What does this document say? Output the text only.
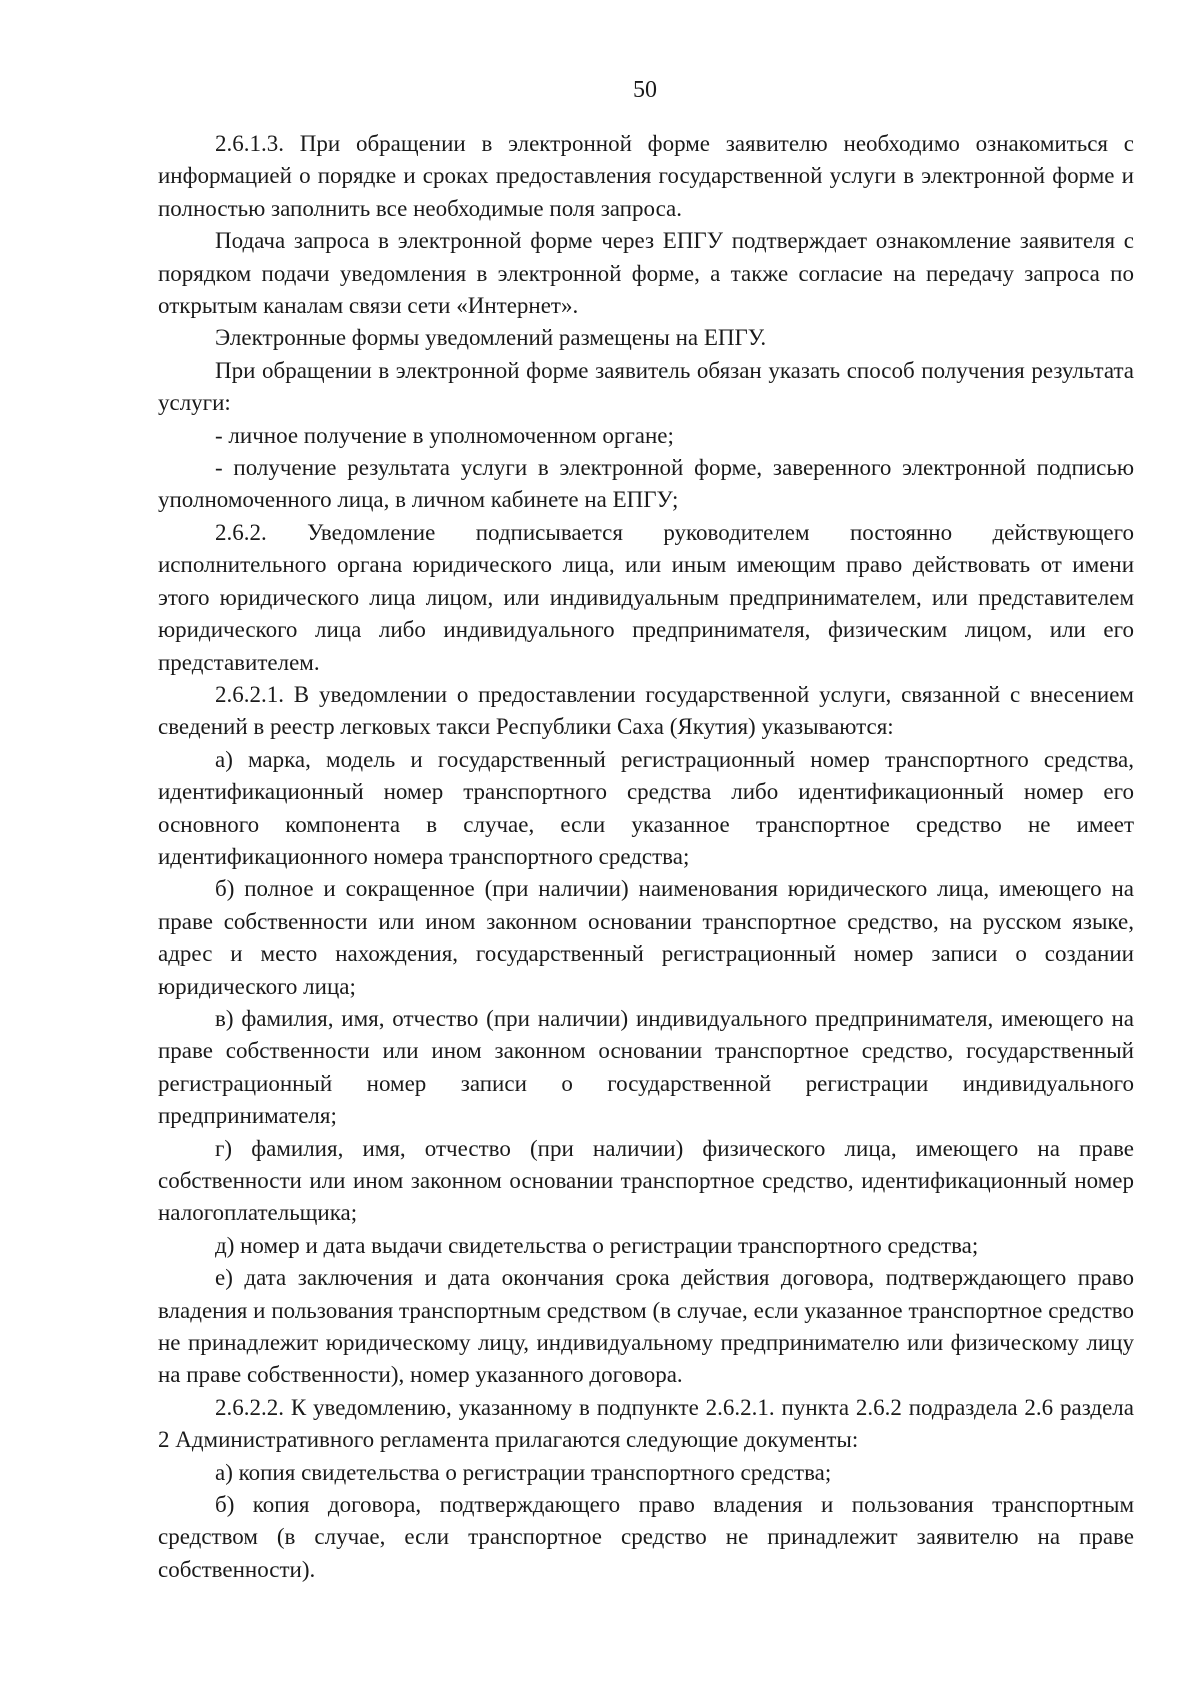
50

2.6.1.3. При обращении в электронной форме заявителю необходимо ознакомиться с информацией о порядке и сроках предоставления государственной услуги в электронной форме и полностью заполнить все необходимые поля запроса.

Подача запроса в электронной форме через ЕПГУ подтверждает ознакомление заявителя с порядком подачи уведомления в электронной форме, а также согласие на передачу запроса по открытым каналам связи сети «Интернет».

Электронные формы уведомлений размещены на ЕПГУ.

При обращении в электронной форме заявитель обязан указать способ получения результата услуги:

- личное получение в уполномоченном органе;

- получение результата услуги в электронной форме, заверенного электронной подписью уполномоченного лица, в личном кабинете на ЕПГУ;

2.6.2. Уведомление подписывается руководителем постоянно действующего исполнительного органа юридического лица, или иным имеющим право действовать от имени этого юридического лица лицом, или индивидуальным предпринимателем, или представителем юридического лица либо индивидуального предпринимателя, физическим лицом, или его представителем.

2.6.2.1. В уведомлении о предоставлении государственной услуги, связанной с внесением сведений в реестр легковых такси Республики Саха (Якутия) указываются:

а) марка, модель и государственный регистрационный номер транспортного средства, идентификационный номер транспортного средства либо идентификационный номер его основного компонента в случае, если указанное транспортное средство не имеет идентификационного номера транспортного средства;

б) полное и сокращенное (при наличии) наименования юридического лица, имеющего на праве собственности или ином законном основании транспортное средство, на русском языке, адрес и место нахождения, государственный регистрационный номер записи о создании юридического лица;

в) фамилия, имя, отчество (при наличии) индивидуального предпринимателя, имеющего на праве собственности или ином законном основании транспортное средство, государственный регистрационный номер записи о государственной регистрации индивидуального предпринимателя;

г) фамилия, имя, отчество (при наличии) физического лица, имеющего на праве собственности или ином законном основании транспортное средство, идентификационный номер налогоплательщика;

д) номер и дата выдачи свидетельства о регистрации транспортного средства;

е) дата заключения и дата окончания срока действия договора, подтверждающего право владения и пользования транспортным средством (в случае, если указанное транспортное средство не принадлежит юридическому лицу, индивидуальному предпринимателю или физическому лицу на праве собственности), номер указанного договора.

2.6.2.2. К уведомлению, указанному в подпункте 2.6.2.1. пункта 2.6.2 подраздела 2.6 раздела 2 Административного регламента прилагаются следующие документы:

а) копия свидетельства о регистрации транспортного средства;

б) копия договора, подтверждающего право владения и пользования транспортным средством (в случае, если транспортное средство не принадлежит заявителю на праве собственности).
